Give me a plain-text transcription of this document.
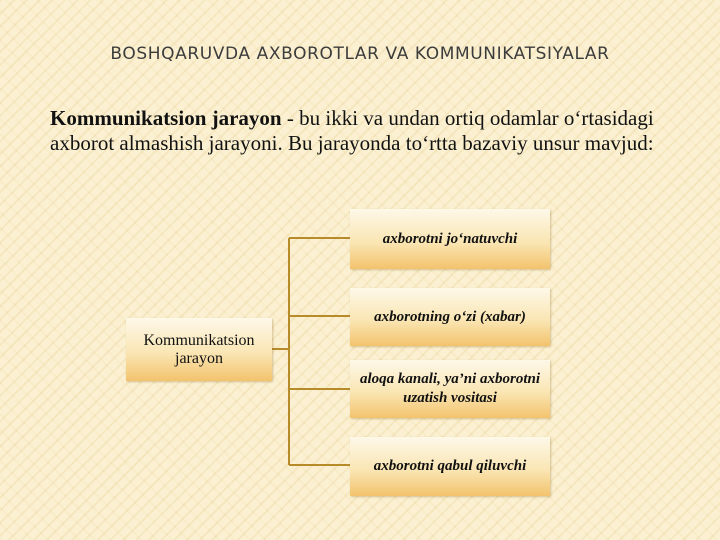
BOSHQARUVDA AXBOROTLAR VA KOMMUNIKATSIYALAR
Kommunikatsion jarayon - bu ikki va undan ortiq odamlar o‘rtasidagi axborot almashish jarayoni. Bu jarayonda to‘rtta bazaviy unsur mavjud:
Kommunikatsion jarayon
axborotni jo‘natuvchi
axborotning o‘zi (xabar)
aloqa kanali, ya’ni axborotni uzatish vositasi
axborotni qabul qiluvchi
